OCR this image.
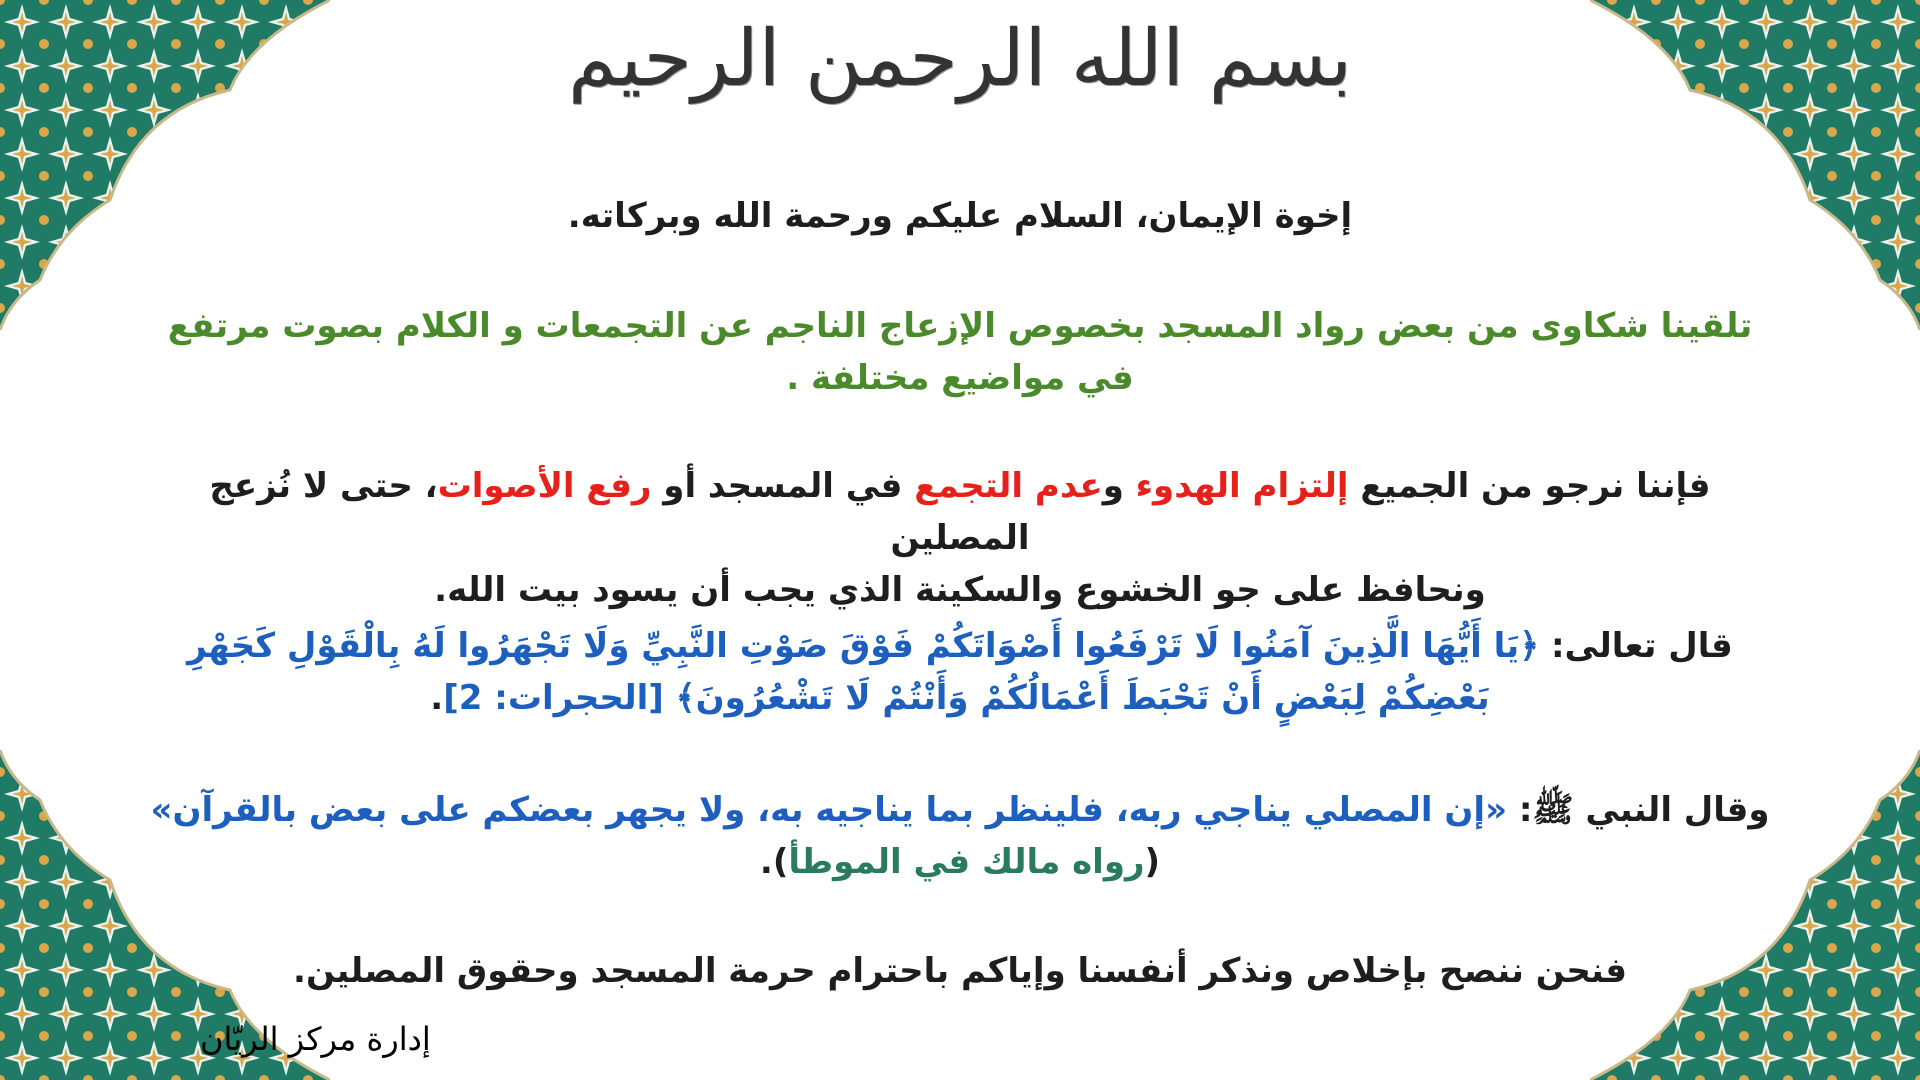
بسم الله الرحمن الرحيم
إخوة الإيمان، السلام عليكم ورحمة الله وبركاته.
تلقينا شكاوى من بعض رواد المسجد بخصوص الإزعاج الناجم عن التجمعات و الكلام بصوت مرتفع
في مواضيع مختلفة .
فإننا نرجو من الجميع إلتزام الهدوء وعدم التجمع في المسجد أو رفع الأصوات، حتى لا نُزعج المصلين
ونحافظ على جو الخشوع والسكينة الذي يجب أن يسود بيت الله.
قال تعالى: ﴿يَا أَيُّهَا الَّذِينَ آمَنُوا لَا تَرْفَعُوا أَصْوَاتَكُمْ فَوْقَ صَوْتِ النَّبِيِّ وَلَا تَجْهَرُوا لَهُ بِالْقَوْلِ كَجَهْرِ
بَعْضِكُمْ لِبَعْضٍ أَنْ تَحْبَطَ أَعْمَالُكُمْ وَأَنْتُمْ لَا تَشْعُرُونَ﴾ [الحجرات: 2].
وقال النبي ﷺ: «إن المصلي يناجي ربه، فلينظر بما يناجيه به، ولا يجهر بعضكم على بعض بالقرآن»
(رواه مالك في الموطأ).
فنحن ننصح بإخلاص ونذكر أنفسنا وإياكم باحترام حرمة المسجد وحقوق المصلين.
إدارة مركز الريّان
